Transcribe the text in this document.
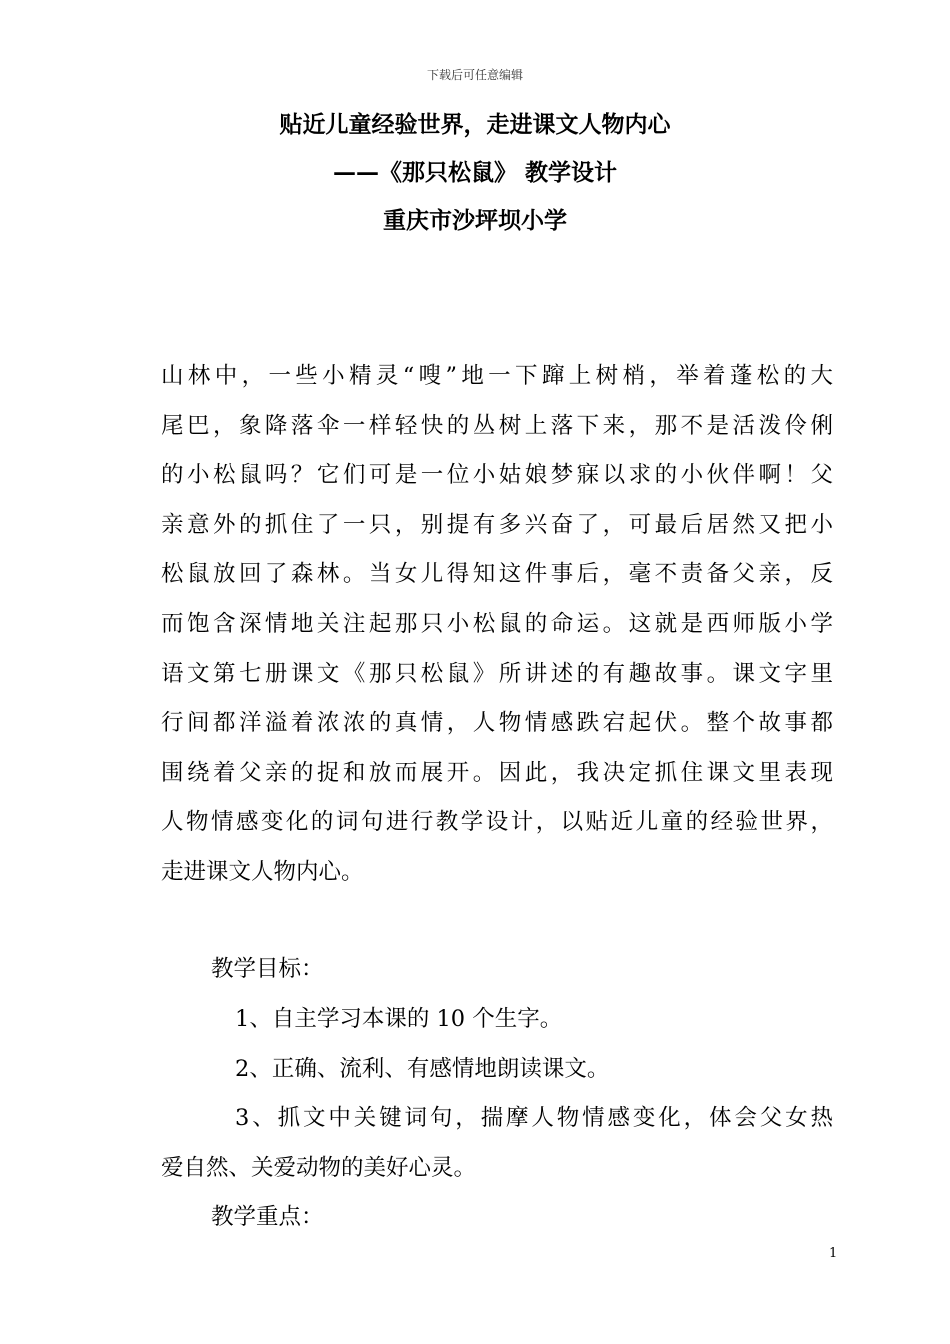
下载后可任意编辑
贴近儿童经验世界，走进课文人物内心
——《那只松鼠》 教学设计
重庆市沙坪坝小学
山林中，一些小精灵“嗖”地一下蹿上树梢，举着蓬松的大
尾巴，象降落伞一样轻快的丛树上落下来，那不是活泼伶俐
的小松鼠吗？它们可是一位小姑娘梦寐以求的小伙伴啊！父
亲意外的抓住了一只，别提有多兴奋了，可最后居然又把小
松鼠放回了森林。当女儿得知这件事后，毫不责备父亲，反
而饱含深情地关注起那只小松鼠的命运。这就是西师版小学
语文第七册课文《那只松鼠》所讲述的有趣故事。课文字里
行间都洋溢着浓浓的真情，人物情感跌宕起伏。整个故事都
围绕着父亲的捉和放而展开。因此，我决定抓住课文里表现
人物情感变化的词句进行教学设计，以贴近儿童的经验世界，
走进课文人物内心。
教学目标：
1、自主学习本课的 10 个生字。
2、正确、流利、有感情地朗读课文。
3、抓文中关键词句，揣摩人物情感变化，体会父女热
爱自然、关爱动物的美好心灵。
教学重点：
1
